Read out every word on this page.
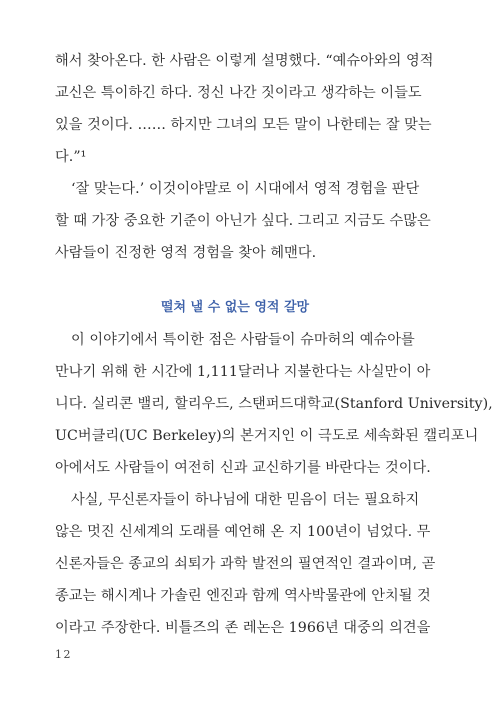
해서 찾아온다. 한 사람은 이렇게 설명했다. “예슈아와의 영적
교신은 특이하긴 하다. 정신 나간 짓이라고 생각하는 이들도
있을 것이다. …… 하지만 그녀의 모든 말이 나한테는 잘 맞는
다.”¹
‘잘 맞는다.’ 이것이야말로 이 시대에서 영적 경험을 판단
할 때 가장 중요한 기준이 아닌가 싶다. 그리고 지금도 수많은
사람들이 진정한 영적 경험을 찾아 헤맨다.
떨쳐 낼 수 없는 영적 갈망
이 이야기에서 특이한 점은 사람들이 슈마허의 예슈아를
만나기 위해 한 시간에 1,111달러나 지불한다는 사실만이 아
니다. 실리콘 밸리, 할리우드, 스탠퍼드대학교(Stanford University),
UC버클리(UC Berkeley)의 본거지인 이 극도로 세속화된 캘리포니
아에서도 사람들이 여전히 신과 교신하기를 바란다는 것이다.
사실, 무신론자들이 하나님에 대한 믿음이 더는 필요하지
않은 멋진 신세계의 도래를 예언해 온 지 100년이 넘었다. 무
신론자들은 종교의 쇠퇴가 과학 발전의 필연적인 결과이며, 곧
종교는 해시계나 가솔린 엔진과 함께 역사박물관에 안치될 것
이라고 주장한다. 비틀즈의 존 레논은 1966년 대중의 의견을
12
